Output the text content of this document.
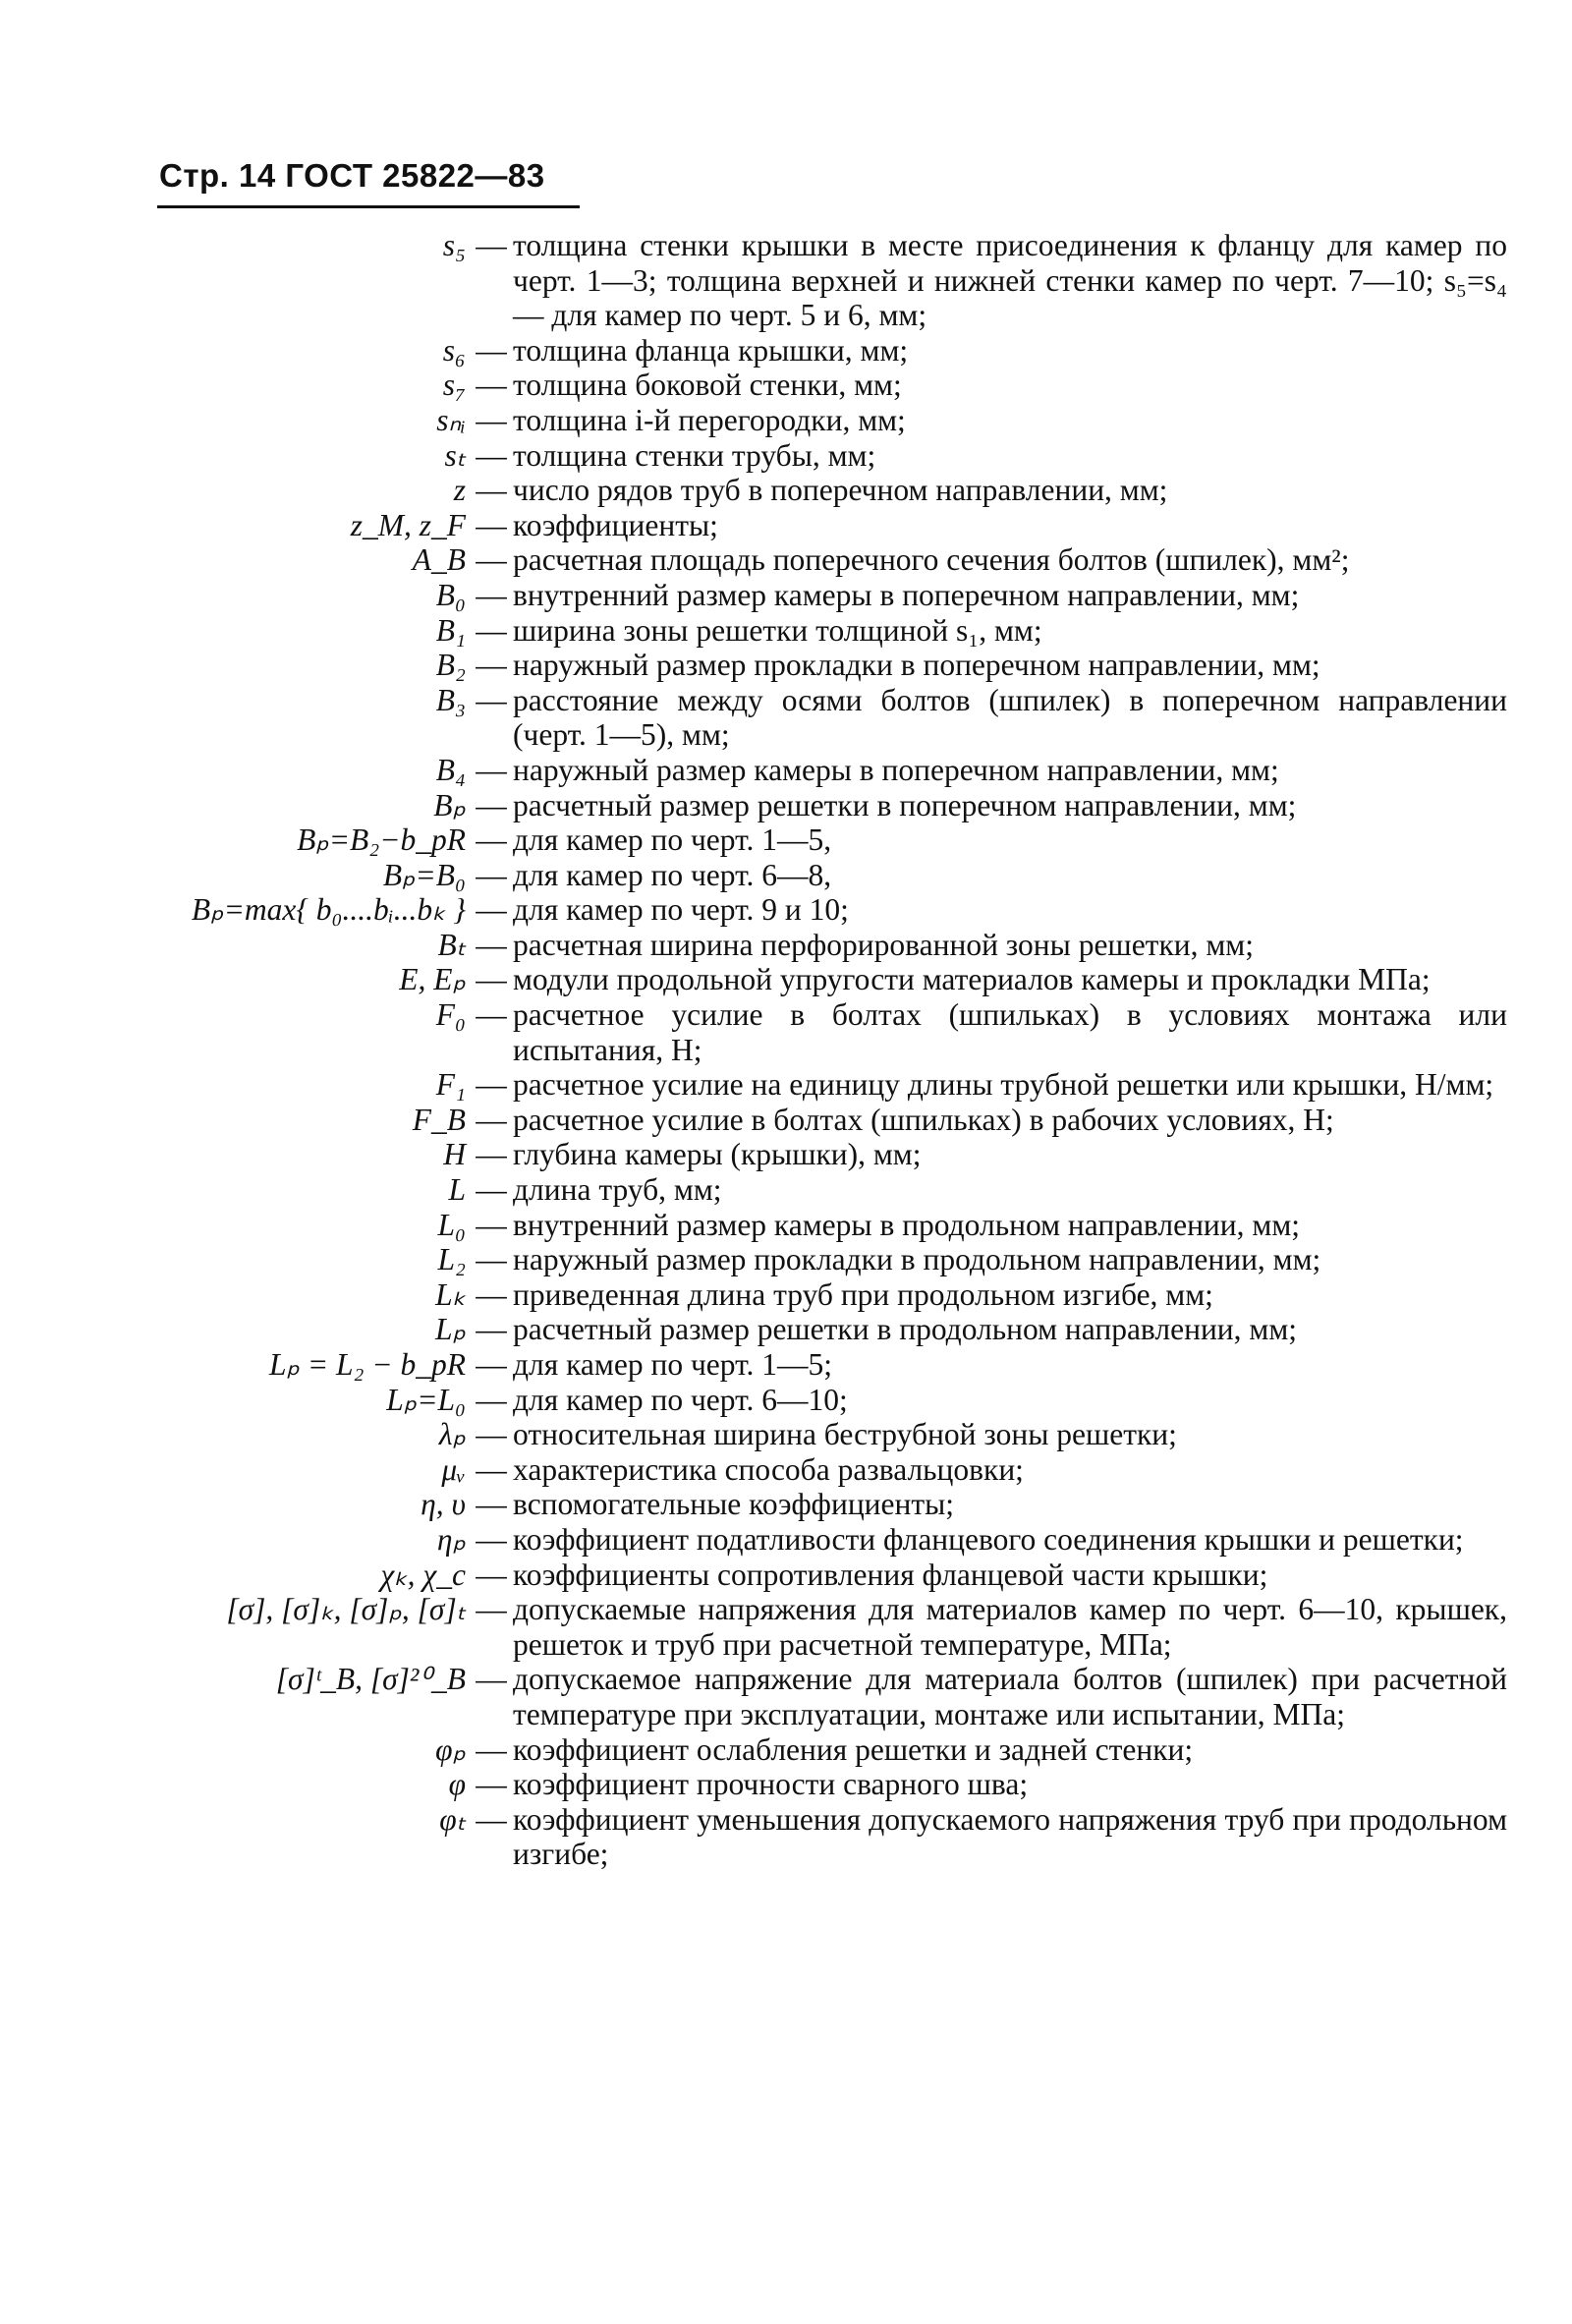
Стр. 14 ГОСТ 25822—83
s₅ — толщина стенки крышки в месте присоединения к фланцу для камер по черт. 1—3; толщина верхней и нижней стенки камер по черт. 7—10; s₅=s₄ — для камер по черт. 5 и 6, мм;
s₆ — толщина фланца крышки, мм;
s₇ — толщина боковой стенки, мм;
sₙᵢ — толщина i-й перегородки, мм;
sₜ — толщина стенки трубы, мм;
z — число рядов труб в поперечном направлении, мм;
z_M, z_F — коэффициенты;
A_B — расчетная площадь поперечного сечения болтов (шпилек), мм²;
B₀ — внутренний размер камеры в поперечном направлении, мм;
B₁ — ширина зоны решетки толщиной s₁, мм;
B₂ — наружный размер прокладки в поперечном направлении, мм;
B₃ — расстояние между осями болтов (шпилек) в поперечном направлении (черт. 1—5), мм;
B₄ — наружный размер камеры в поперечном направлении, мм;
Bₚ — расчетный размер решетки в поперечном направлении, мм;
Bₚ=B₂−b_pR — для камер по черт. 1—5,
Bₚ=B₀ — для камер по черт. 6—8,
Bₚ=max{ b₀....bᵢ...bₖ } — для камер по черт. 9 и 10;
Bₜ — расчетная ширина перфорированной зоны решетки, мм;
E, Eₚ — модули продольной упругости материалов камеры и прокладки МПа;
F₀ — расчетное усилие в болтах (шпильках) в условиях монтажа или испытания, Н;
F₁ — расчетное усилие на единицу длины трубной решетки или крышки, Н/мм;
F_B — расчетное усилие в болтах (шпильках) в рабочих условиях, Н;
H — глубина камеры (крышки), мм;
L — длина труб, мм;
L₀ — внутренний размер камеры в продольном направлении, мм;
L₂ — наружный размер прокладки в продольном направлении, мм;
Lₖ — приведенная длина труб при продольном изгибе, мм;
Lₚ — расчетный размер решетки в продольном направлении, мм;
Lₚ = L₂ − b_pR — для камер по черт. 1—5;
Lₚ=L₀ — для камер по черт. 6—10;
λₚ — относительная ширина беструбной зоны решетки;
μᵥ — характеристика способа развальцовки;
η, υ — вспомогательные коэффициенты;
ηₚ — коэффициент податливости фланцевого соединения крышки и решетки;
χₖ, χ_c — коэффициенты сопротивления фланцевой части крышки;
[σ], [σ]ₖ, [σ]ₚ, [σ]ₜ — допускаемые напряжения для материалов камер по черт. 6—10, крышек, решеток и труб при расчетной температуре, МПа;
[σ]ᵗ_B, [σ]²⁰_B — допускаемое напряжение для материала болтов (шпилек) при расчетной температуре при эксплуатации, монтаже или испытании, МПа;
φₚ — коэффициент ослабления решетки и задней стенки;
φ — коэффициент прочности сварного шва;
φₜ — коэффициент уменьшения допускаемого напряжения труб при продольном изгибе;
